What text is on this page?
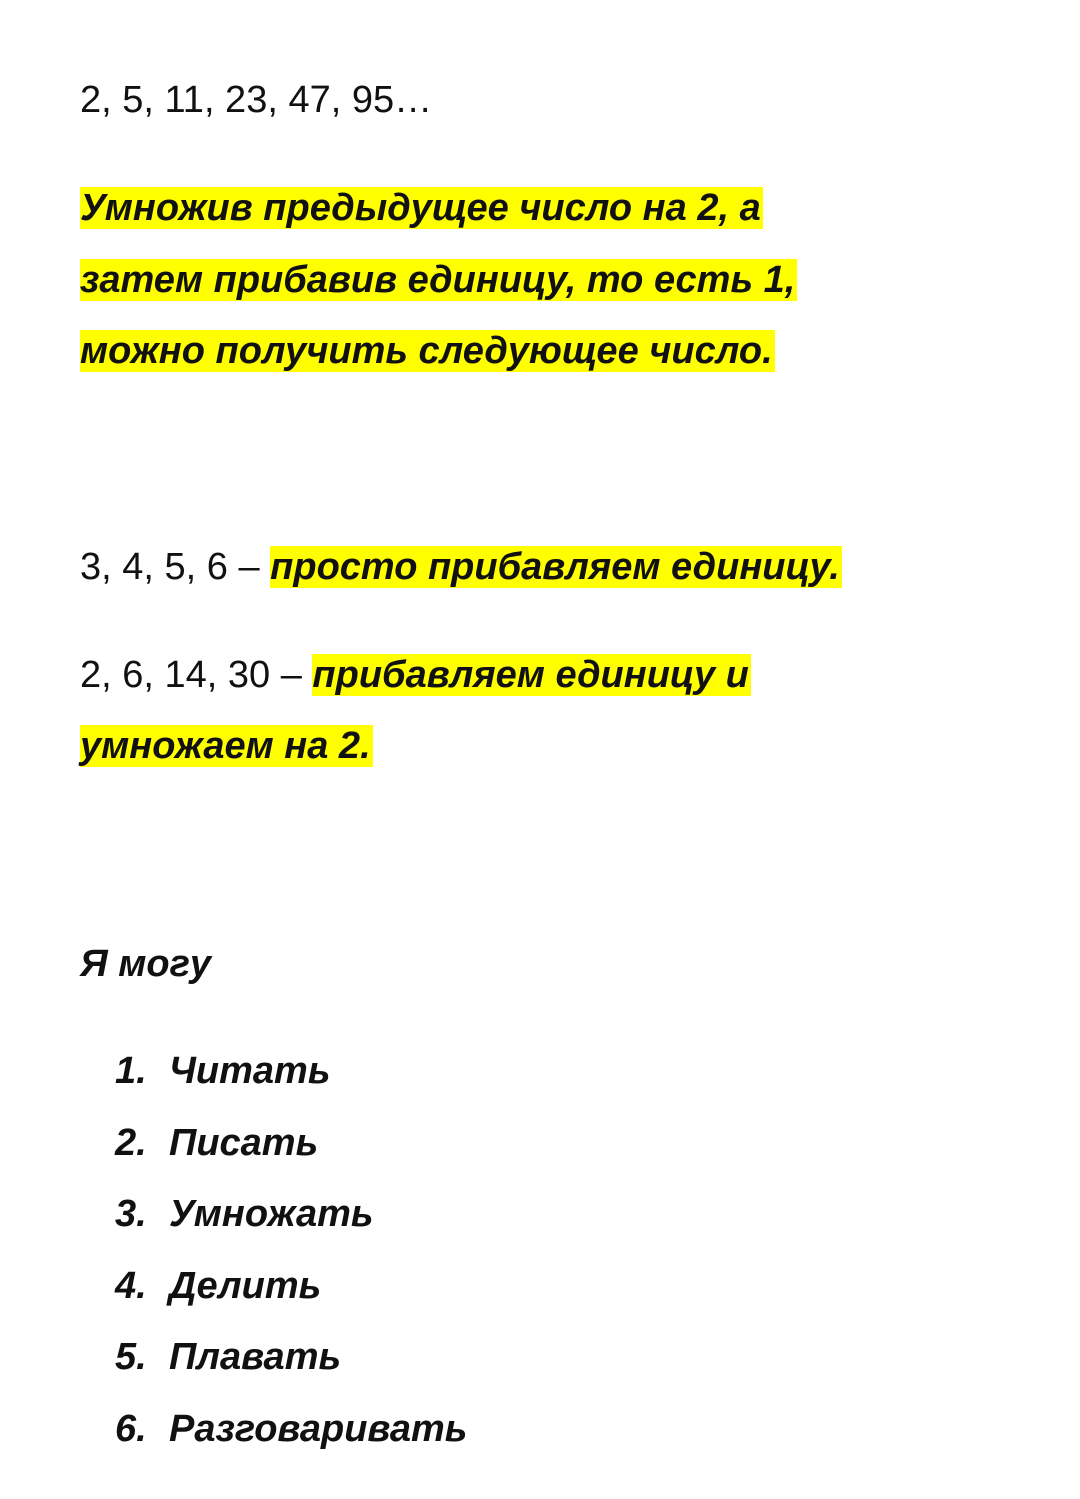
2, 5, 11, 23, 47, 95…
Умножив предыдущее число на 2, а
затем прибавив единицу, то есть 1,
можно получить следующее число.
3, 4, 5, 6 – просто прибавляем единицу.
2, 6, 14, 30 – прибавляем единицу и
умножаем на 2.
Я могу
1. Читать
2. Писать
3. Умножать
4. Делить
5. Плавать
6. Разговаривать
